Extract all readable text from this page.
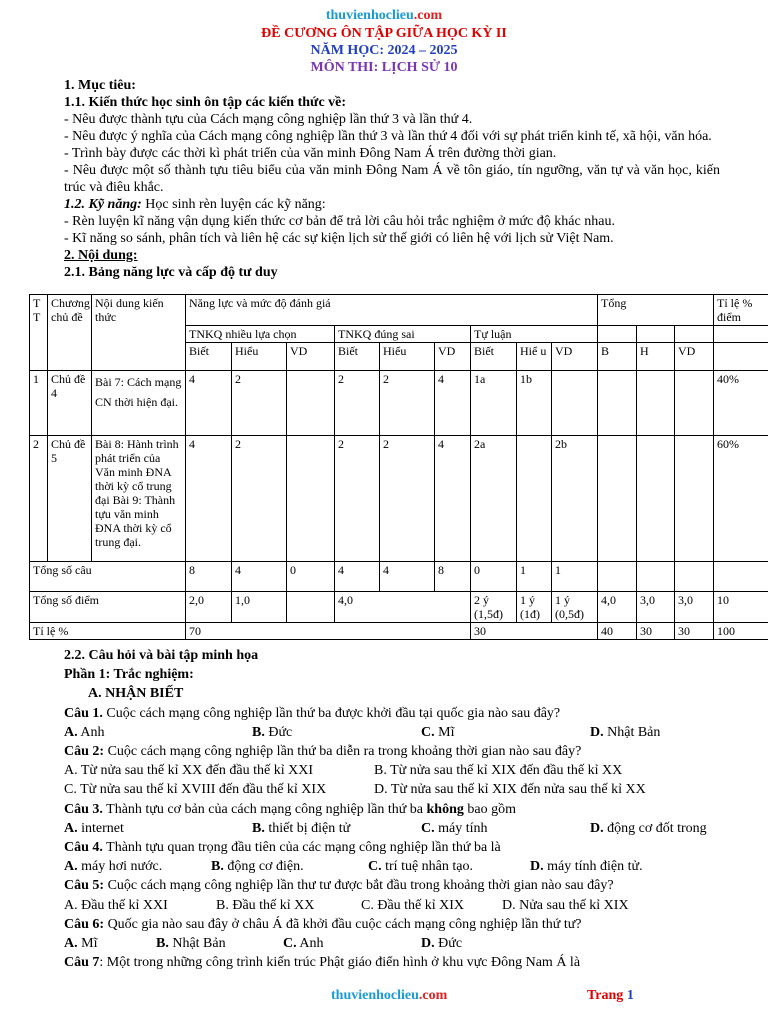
thuvienhoclieu.com
ĐỀ CƯƠNG ÔN TẬP GIỮA HỌC KỲ II
NĂM HỌC: 2024 – 2025
MÔN THI: LỊCH SỬ 10

1. Mục tiêu:

1.1. Kiến thức học sinh ôn tập các kiến thức về:

- Nêu được thành tựu của Cách mạng công nghiệp lần thứ 3 và lần thứ 4.

- Nêu được ý nghĩa của Cách mạng công nghiệp lần thứ 3 và lần thứ 4 đối với sự phát triển kinh tế, xã hội, văn hóa.

- Trình bày được các thời kì phát triển của văn minh Đông Nam Á trên đường thời gian.

- Nêu được một số thành tựu tiêu biểu của văn minh Đông Nam Á về tôn giáo, tín ngưỡng, văn tự và văn học, kiến trúc và điêu khắc.

1.2. Kỹ năng: Học sinh rèn luyện các kỹ năng:

- Rèn luyện kĩ năng vận dụng kiến thức cơ bản để trả lời câu hỏi trắc nghiệm ở mức độ khác nhau.

- Kĩ năng so sánh, phân tích và liên hệ các sự kiện lịch sử thế giới có liên hệ với lịch sử Việt Nam.

2. Nội dung:

2.1. Bảng năng lực và cấp độ tư duy

T T	Chương chủ đề	Nội dung kiến thức	Năng lực và mức độ đánh giá									Tổng			Tỉ lệ % điểm
			TNKQ nhiều lựa chọn			TNKQ đúng sai			Tự luận						
			Biết	Hiểu	VD	Biết	Hiểu	VD	Biết	Hiể u	VD	B	H	VD	
1	Chủ đề 4	Bài 7: Cách mạng CN thời hiện đại.	4	2		2	2	4	1a	1b					40%
2	Chủ đề 5	Bài 8: Hành trình phát triển của Văn minh ĐNA thời kỳ cổ trung đại Bài 9: Thành tựu văn minh ĐNA thời kỳ cổ trung đại.	4	2		2	2	4	2a		2b				60%
Tổng số câu			8	4	0	4	4	8	0	1	1				
Tổng số điểm			2,0	1,0		4,0			2 ý (1,5đ)	1 ý (1đ)	1 ý (0,5đ)	4,0	3,0	3,0	10
Tỉ lệ %			70						30			40	30	30	100

2.2. Câu hỏi và bài tập minh họa

Phần 1: Trắc nghiệm:

A. NHẬN BIẾT

Câu 1. Cuộc cách mạng công nghiệp lần thứ ba được khởi đầu tại quốc gia nào sau đây?

A. Anh	B. Đức	C. Mĩ	D. Nhật Bản

Câu 2: Cuộc cách mạng công nghiệp lần thứ ba diễn ra trong khoảng thời gian nào sau đây?

A. Từ nửa sau thế kỉ XX đến đầu thế kỉ XXI	B. Từ nửa sau thế kỉ XIX đến đầu thế kỉ XX
C. Từ nửa sau thế kỉ XVIII đến đầu thế kỉ XIX	D. Từ nửa sau thế kỉ XIX đến nửa sau thế kỉ XX

Câu 3. Thành tựu cơ bản của cách mạng công nghiệp lần thứ ba không bao gồm

A. internet	B. thiết bị điện tử	C. máy tính	D. động cơ đốt trong

Câu 4. Thành tựu quan trọng đầu tiên của các mạng công nghiệp lần thứ ba là

A. máy hơi nước.	B. động cơ điện.	C. trí tuệ nhân tạo.	D. máy tính điện tử.

Câu 5: Cuộc cách mạng công nghiệp lần thư tư được bắt đầu trong khoảng thời gian nào sau đây?

A. Đầu thế kỉ XXI	B. Đầu thế kỉ XX	C. Đầu thế kỉ XIX	D. Nửa sau thế kỉ XIX

Câu 6: Quốc gia nào sau đây ở châu Á đã khởi đầu cuộc cách mạng công nghiệp lần thứ tư?

A. Mĩ	B. Nhật Bản	C. Anh	D. Đức

Câu 7: Một trong những công trình kiến trúc Phật giáo điển hình ở khu vực Đông Nam Á là

thuvienhoclieu.com	Trang 1
